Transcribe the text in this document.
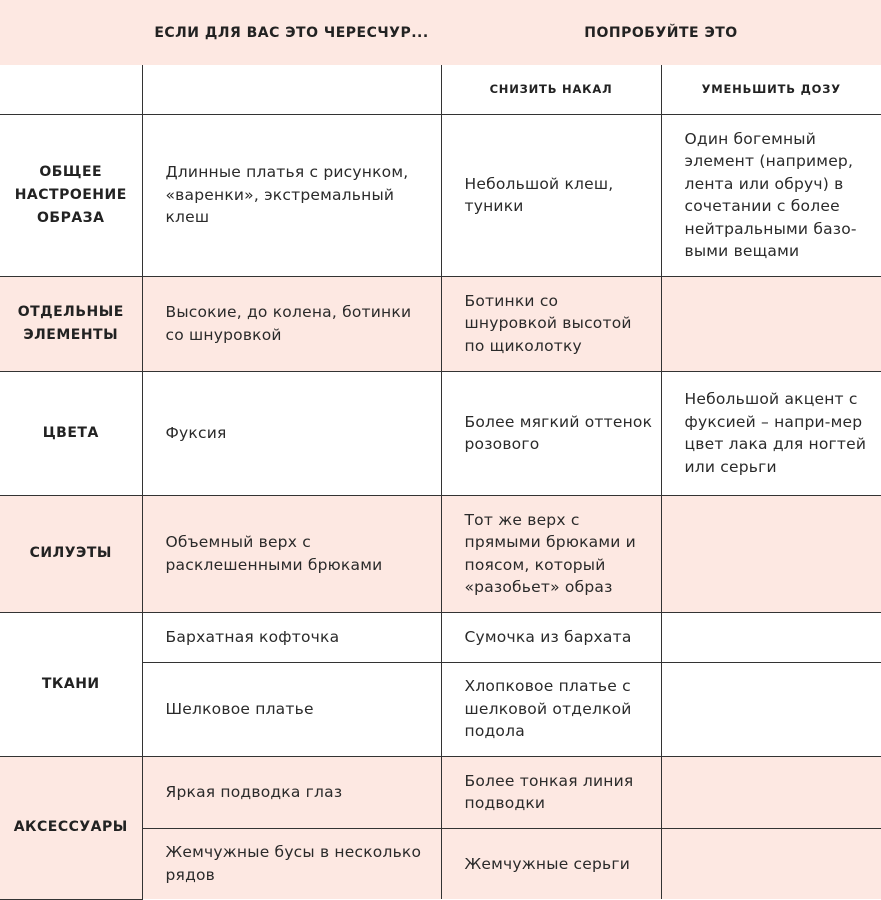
	ЕСЛИ ДЛЯ ВАС ЭТО ЧЕРЕСЧУР...	ПОПРОБУЙТЕ ЭТО	
		СНИЗИТЬ НАКАЛ	УМЕНЬШИТЬ ДОЗУ
ОБЩЕЕ НАСТРОЕНИЕ ОБРАЗА	Длинные платья с рисунком, «варенки», экстремальный клеш	Небольшой клеш, туники	Один богемный элемент (например, лента или обруч) в сочетании с более нейтральными базо-выми вещами
ОТДЕЛЬНЫЕ ЭЛЕМЕНТЫ	Высокие, до колена, ботинки со шнуровкой	Ботинки со шнуровкой высотой по щиколотку	
ЦВЕТА	Фуксия	Более мягкий оттенок розового	Небольшой акцент с фуксией – напри-мер цвет лака для ногтей или серьги
СИЛУЭТЫ	Объемный верх с расклешенными брюками	Тот же верх с прямыми брюками и поясом, который «разобьет» образ	
ТКАНИ	Бархатная кофточка	Сумочка из бархата	
	Шелковое платье	Хлопковое платье с шелковой отделкой подола	
АКСЕССУАРЫ	Яркая подводка глаз	Более тонкая линия подводки	
	Жемчужные бусы в несколько рядов	Жемчужные серьги	
